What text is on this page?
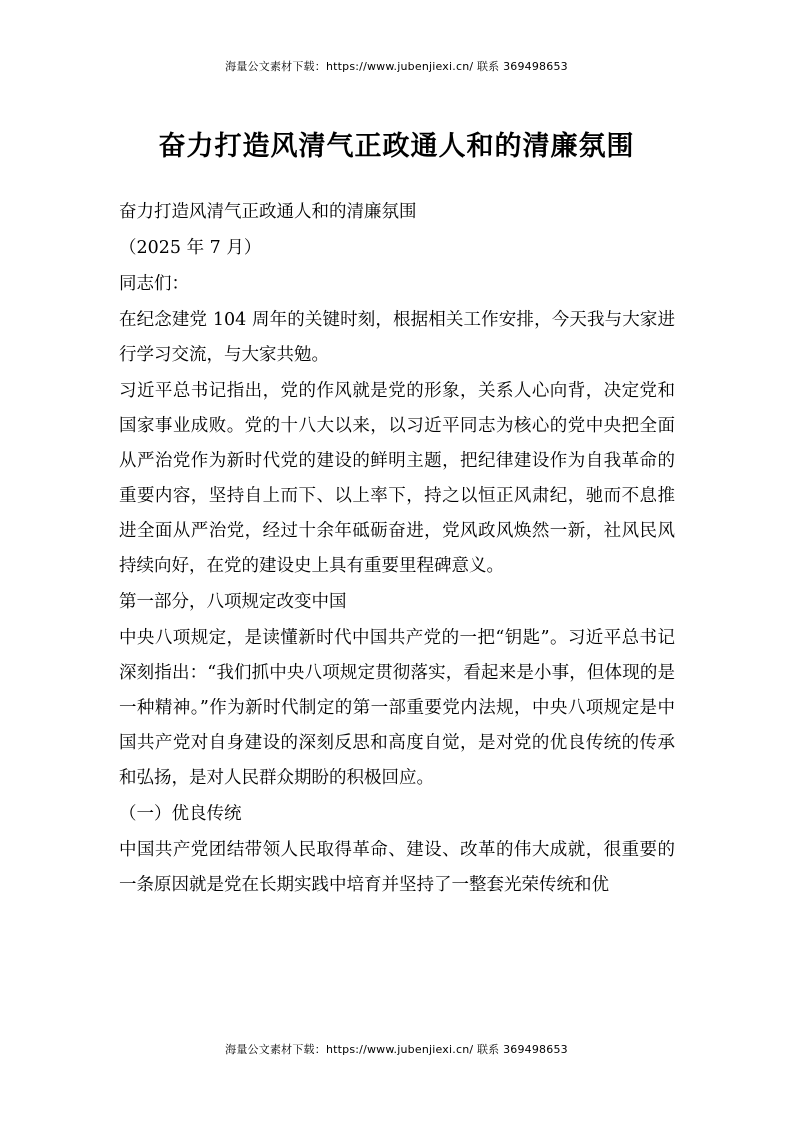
海量公文素材下载：https://www.jubenjiexi.cn/ 联系 369498653
奋力打造风清气正政通人和的清廉氛围

奋力打造风清气正政通人和的清廉氛围

（2025 年 7 月）

同志们：

在纪念建党 104 周年的关键时刻，根据相关工作安排，今天我与大家进行学习交流，与大家共勉。

习近平总书记指出，党的作风就是党的形象，关系人心向背，决定党和国家事业成败。党的十八大以来，以习近平同志为核心的党中央把全面从严治党作为新时代党的建设的鲜明主题，把纪律建设作为自我革命的重要内容，坚持自上而下、以上率下，持之以恒正风肃纪，驰而不息推进全面从严治党，经过十余年砥砺奋进，党风政风焕然一新，社风民风持续向好，在党的建设史上具有重要里程碑意义。

第一部分，八项规定改变中国

中央八项规定，是读懂新时代中国共产党的一把“钥匙”。习近平总书记深刻指出：“我们抓中央八项规定贯彻落实，看起来是小事，但体现的是一种精神。”作为新时代制定的第一部重要党内法规，中央八项规定是中国共产党对自身建设的深刻反思和高度自觉，是对党的优良传统的传承和弘扬，是对人民群众期盼的积极回应。

（一）优良传统

中国共产党团结带领人民取得革命、建设、改革的伟大成就，很重要的一条原因就是党在长期实践中培育并坚持了一整套光荣传统和优

海量公文素材下载：https://www.jubenjiexi.cn/ 联系 369498653
